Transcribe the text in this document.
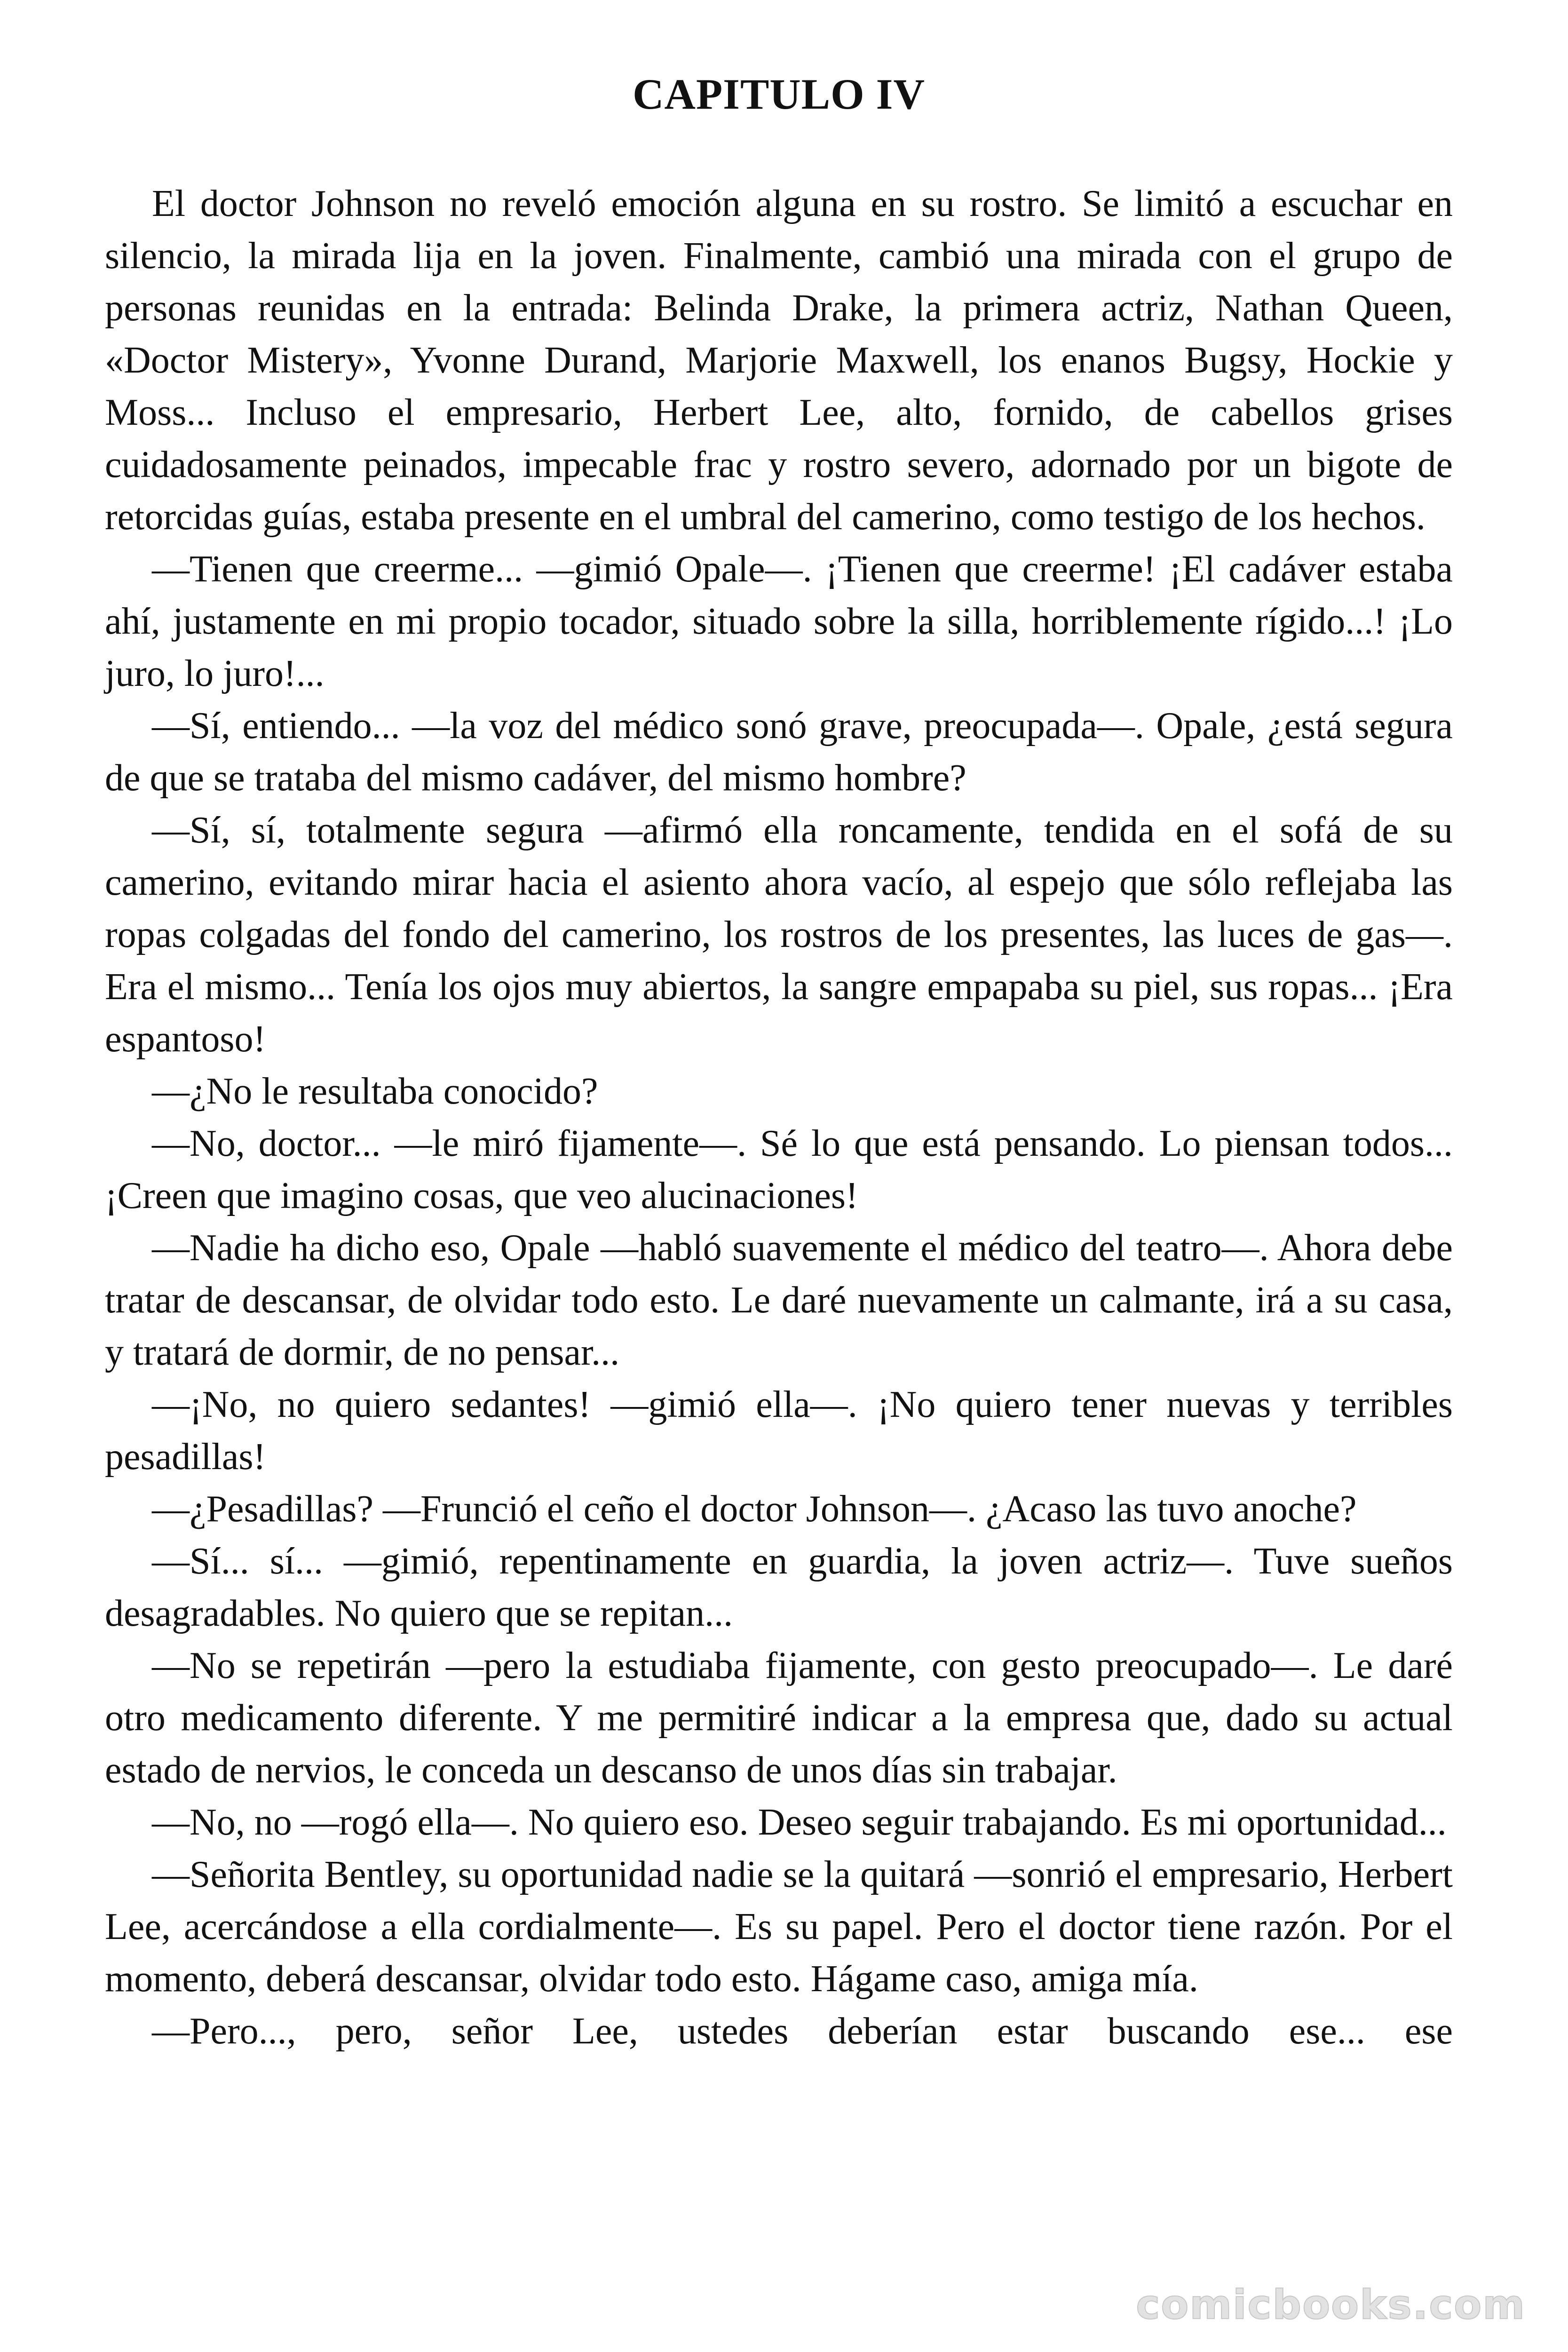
CAPITULO IV

El doctor Johnson no reveló emoción alguna en su rostro. Se limitó a escuchar en silencio, la mirada lija en la joven. Finalmente, cambió una mirada con el grupo de personas reunidas en la entrada: Belinda Drake, la primera actriz, Nathan Queen, «Doctor Mistery», Yvonne Durand, Marjorie Maxwell, los enanos Bugsy, Hockie y Moss... Incluso el empresario, Herbert Lee, alto, fornido, de cabellos grises cuidadosamente peinados, impecable frac y rostro severo, adornado por un bigote de retorcidas guías, estaba presente en el umbral del camerino, como testigo de los hechos.

—Tienen que creerme... —gimió Opale—. ¡Tienen que creerme! ¡El cadáver estaba ahí, justamente en mi propio tocador, situado sobre la silla, horriblemente rígido...! ¡Lo juro, lo juro!...

—Sí, entiendo... —la voz del médico sonó grave, preocupada—. Opale, ¿está segura de que se trataba del mismo cadáver, del mismo hombre?

—Sí, sí, totalmente segura —afirmó ella roncamente, tendida en el sofá de su camerino, evitando mirar hacia el asiento ahora vacío, al espejo que sólo reflejaba las ropas colgadas del fondo del camerino, los rostros de los presentes, las luces de gas—. Era el mismo... Tenía los ojos muy abiertos, la sangre empapaba su piel, sus ropas... ¡Era espantoso!

—¿No le resultaba conocido?

—No, doctor... —le miró fijamente—. Sé lo que está pensando. Lo piensan todos... ¡Creen que imagino cosas, que veo alucinaciones!

—Nadie ha dicho eso, Opale —habló suavemente el médico del teatro—. Ahora debe tratar de descansar, de olvidar todo esto. Le daré nuevamente un calmante, irá a su casa, y tratará de dormir, de no pensar...

—¡No, no quiero sedantes! —gimió ella—. ¡No quiero tener nuevas y terribles pesadillas!

—¿Pesadillas? —Frunció el ceño el doctor Johnson—. ¿Acaso las tuvo anoche?

—Sí... sí... —gimió, repentinamente en guardia, la joven actriz—. Tuve sueños desagradables. No quiero que se repitan...

—No se repetirán —pero la estudiaba fijamente, con gesto preocupado—. Le daré otro medicamento diferente. Y me permitiré indicar a la empresa que, dado su actual estado de nervios, le conceda un descanso de unos días sin trabajar.

—No, no —rogó ella—. No quiero eso. Deseo seguir trabajando. Es mi oportunidad...

—Señorita Bentley, su oportunidad nadie se la quitará —sonrió el empresario, Herbert Lee, acercándose a ella cordialmente—. Es su papel. Pero el doctor tiene razón. Por el momento, deberá descansar, olvidar todo esto. Hágame caso, amiga mía.

—Pero..., pero, señor Lee, ustedes deberían estar buscando ese... ese

comicbooks.com
